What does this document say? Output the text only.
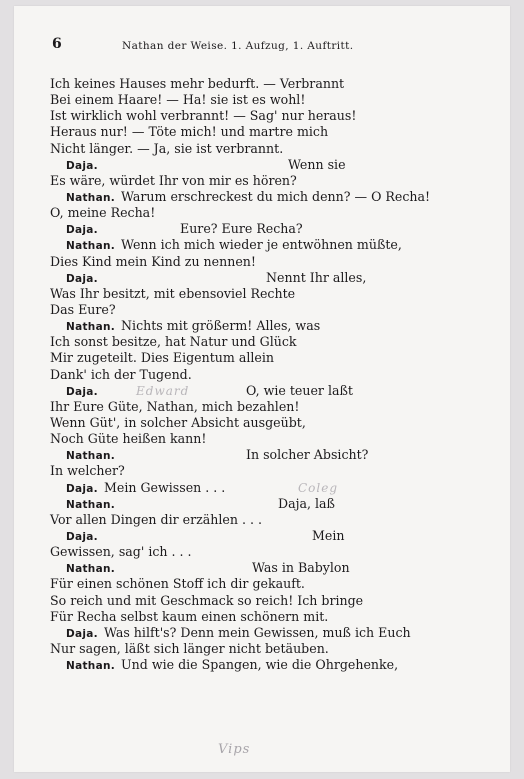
6	Nathan der Weise. 1. Aufzug, 1. Auftritt.
Ich keines Hauses mehr bedurft. — Verbrannt
Bei einem Haare! — Ha! sie ist es wohl!
Ist wirklich wohl verbrannt! — Sag' nur heraus!
Heraus nur! — Töte mich! und martre mich
Nicht länger. — Ja, sie ist verbrannt.
Daja.	Wenn sie
Es wäre, würdet Ihr von mir es hören?
Nathan. Warum erschreckest du mich denn? — O Recha!
O, meine Recha!
Daja.	Eure? Eure Recha?
Nathan. Wenn ich mich wieder je entwöhnen müßte,
Dies Kind mein Kind zu nennen!
Daja.	Nennt Ihr alles,
Was Ihr besitzt, mit ebensoviel Rechte
Das Eure?
Nathan. Nichts mit größerm! Alles, was
Ich sonst besitze, hat Natur und Glück
Mir zugeteilt. Dies Eigentum allein
Dank' ich der Tugend.
Daja.	Edward	O, wie teuer laßt
Ihr Eure Güte, Nathan, mich bezahlen!
Wenn Güt', in solcher Absicht ausgeübt,
Noch Güte heißen kann!
Nathan.	In solcher Absicht?
In welcher?
Daja. Mein Gewissen . . .	Coleg
Nathan.	Daja, laß
Vor allen Dingen dir erzählen . . .
Daja.	Mein
Gewissen, sag' ich . . .
Nathan.	Was in Babylon
Für einen schönen Stoff ich dir gekauft.
So reich und mit Geschmack so reich! Ich bringe
Für Recha selbst kaum einen schönern mit.
Daja. Was hilft's? Denn mein Gewissen, muß ich Euch
Nur sagen, läßt sich länger nicht betäuben.
Nathan. Und wie die Spangen, wie die Ohrgehenke,
Vips
